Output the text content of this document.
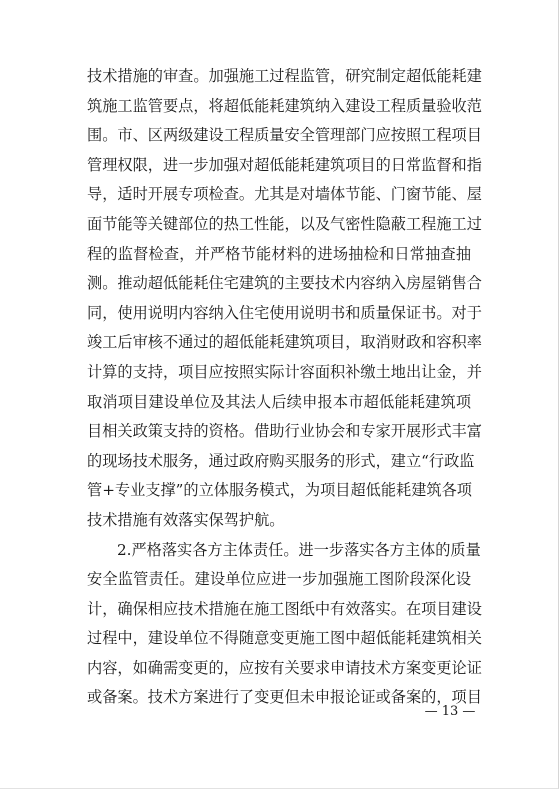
技术措施的审查。加强施工过程监管，研究制定超低能耗建
筑施工监管要点，将超低能耗建筑纳入建设工程质量验收范
围。市、区两级建设工程质量安全管理部门应按照工程项目
管理权限，进一步加强对超低能耗建筑项目的日常监督和指
导，适时开展专项检查。尤其是对墙体节能、门窗节能、屋
面节能等关键部位的热工性能，以及气密性隐蔽工程施工过
程的监督检查，并严格节能材料的进场抽检和日常抽查抽
测。推动超低能耗住宅建筑的主要技术内容纳入房屋销售合
同，使用说明内容纳入住宅使用说明书和质量保证书。对于
竣工后审核不通过的超低能耗建筑项目，取消财政和容积率
计算的支持，项目应按照实际计容面积补缴土地出让金，并
取消项目建设单位及其法人后续申报本市超低能耗建筑项
目相关政策支持的资格。借助行业协会和专家开展形式丰富
的现场技术服务，通过政府购买服务的形式，建立“行政监
管+专业支撑”的立体服务模式，为项目超低能耗建筑各项
技术措施有效落实保驾护航。
2.严格落实各方主体责任。进一步落实各方主体的质量
安全监管责任。建设单位应进一步加强施工图阶段深化设
计，确保相应技术措施在施工图纸中有效落实。在项目建设
过程中，建设单位不得随意变更施工图中超低能耗建筑相关
内容，如确需变更的，应按有关要求申请技术方案变更论证
或备案。技术方案进行了变更但未申报论证或备案的，项目
— 13 —
